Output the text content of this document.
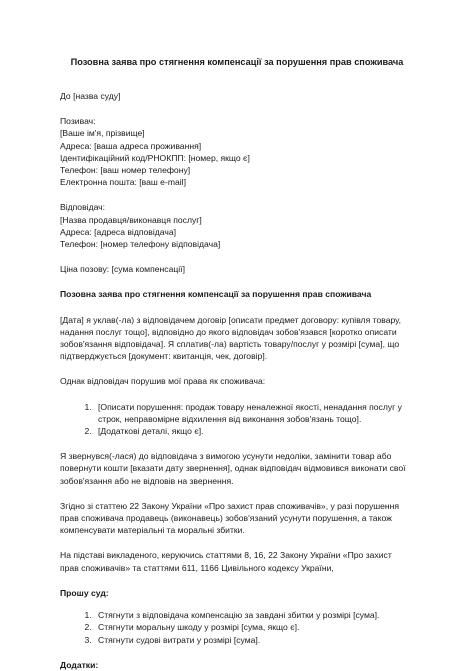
Позовна заява про стягнення компенсації за порушення прав споживача

До [назва суду]

Позивач:
[Ваше ім'я, прізвище]
Адреса: [ваша адреса проживання]
Ідентифікаційний код/РНОКПП: [номер, якщо є]
Телефон: [ваш номер телефону]
Електронна пошта: [ваш e-mail]
Відповідач:
[Назва продавця/виконавця послуг]
Адреса: [адреса відповідача]
Телефон: [номер телефону відповідача]

Ціна позову: [сума компенсації]

Позовна заява про стягнення компенсації за порушення прав споживача

[Дата] я уклав(-ла) з відповідачем договір [описати предмет договору: купівля товару,
надання послуг тощо], відповідно до якого відповідач зобов'язався [коротко описати
зобов'язання відповідача]. Я сплатив(-ла) вартість товару/послуг у розмірі [сума], що
підтверджується [документ: квитанція, чек, договір].

Однак відповідач порушив мої права як споживача:

1. [Описати порушення: продаж товару неналежної якості, ненадання послуг у
строк, неправомірне відхилення від виконання зобов'язань тощо].
2. [Додаткові деталі, якщо є].
Я звернувся(-лася) до відповідача з вимогою усунути недоліки, замінити товар або
повернути кошти [вказати дату звернення], однак відповідач відмовився виконати свої
зобов'язання або не відповів на звернення.
Згідно зі статтею 22 Закону України «Про захист прав споживачів», у разі порушення
прав споживача продавець (виконавець) зобов'язаний усунути порушення, а також
компенсувати матеріальні та моральні збитки.
На підставі викладеного, керуючись статтями 8, 16, 22 Закону України «Про захист
прав споживачів» та статтями 611, 1166 Цивільного кодексу України,

Прошу суд:

1. Стягнути з відповідача компенсацію за завдані збитки у розмірі [сума].
2. Стягнути моральну шкоду у розмірі [сума, якщо є].
3. Стягнути судові витрати у розмірі [сума].

Додатки:
